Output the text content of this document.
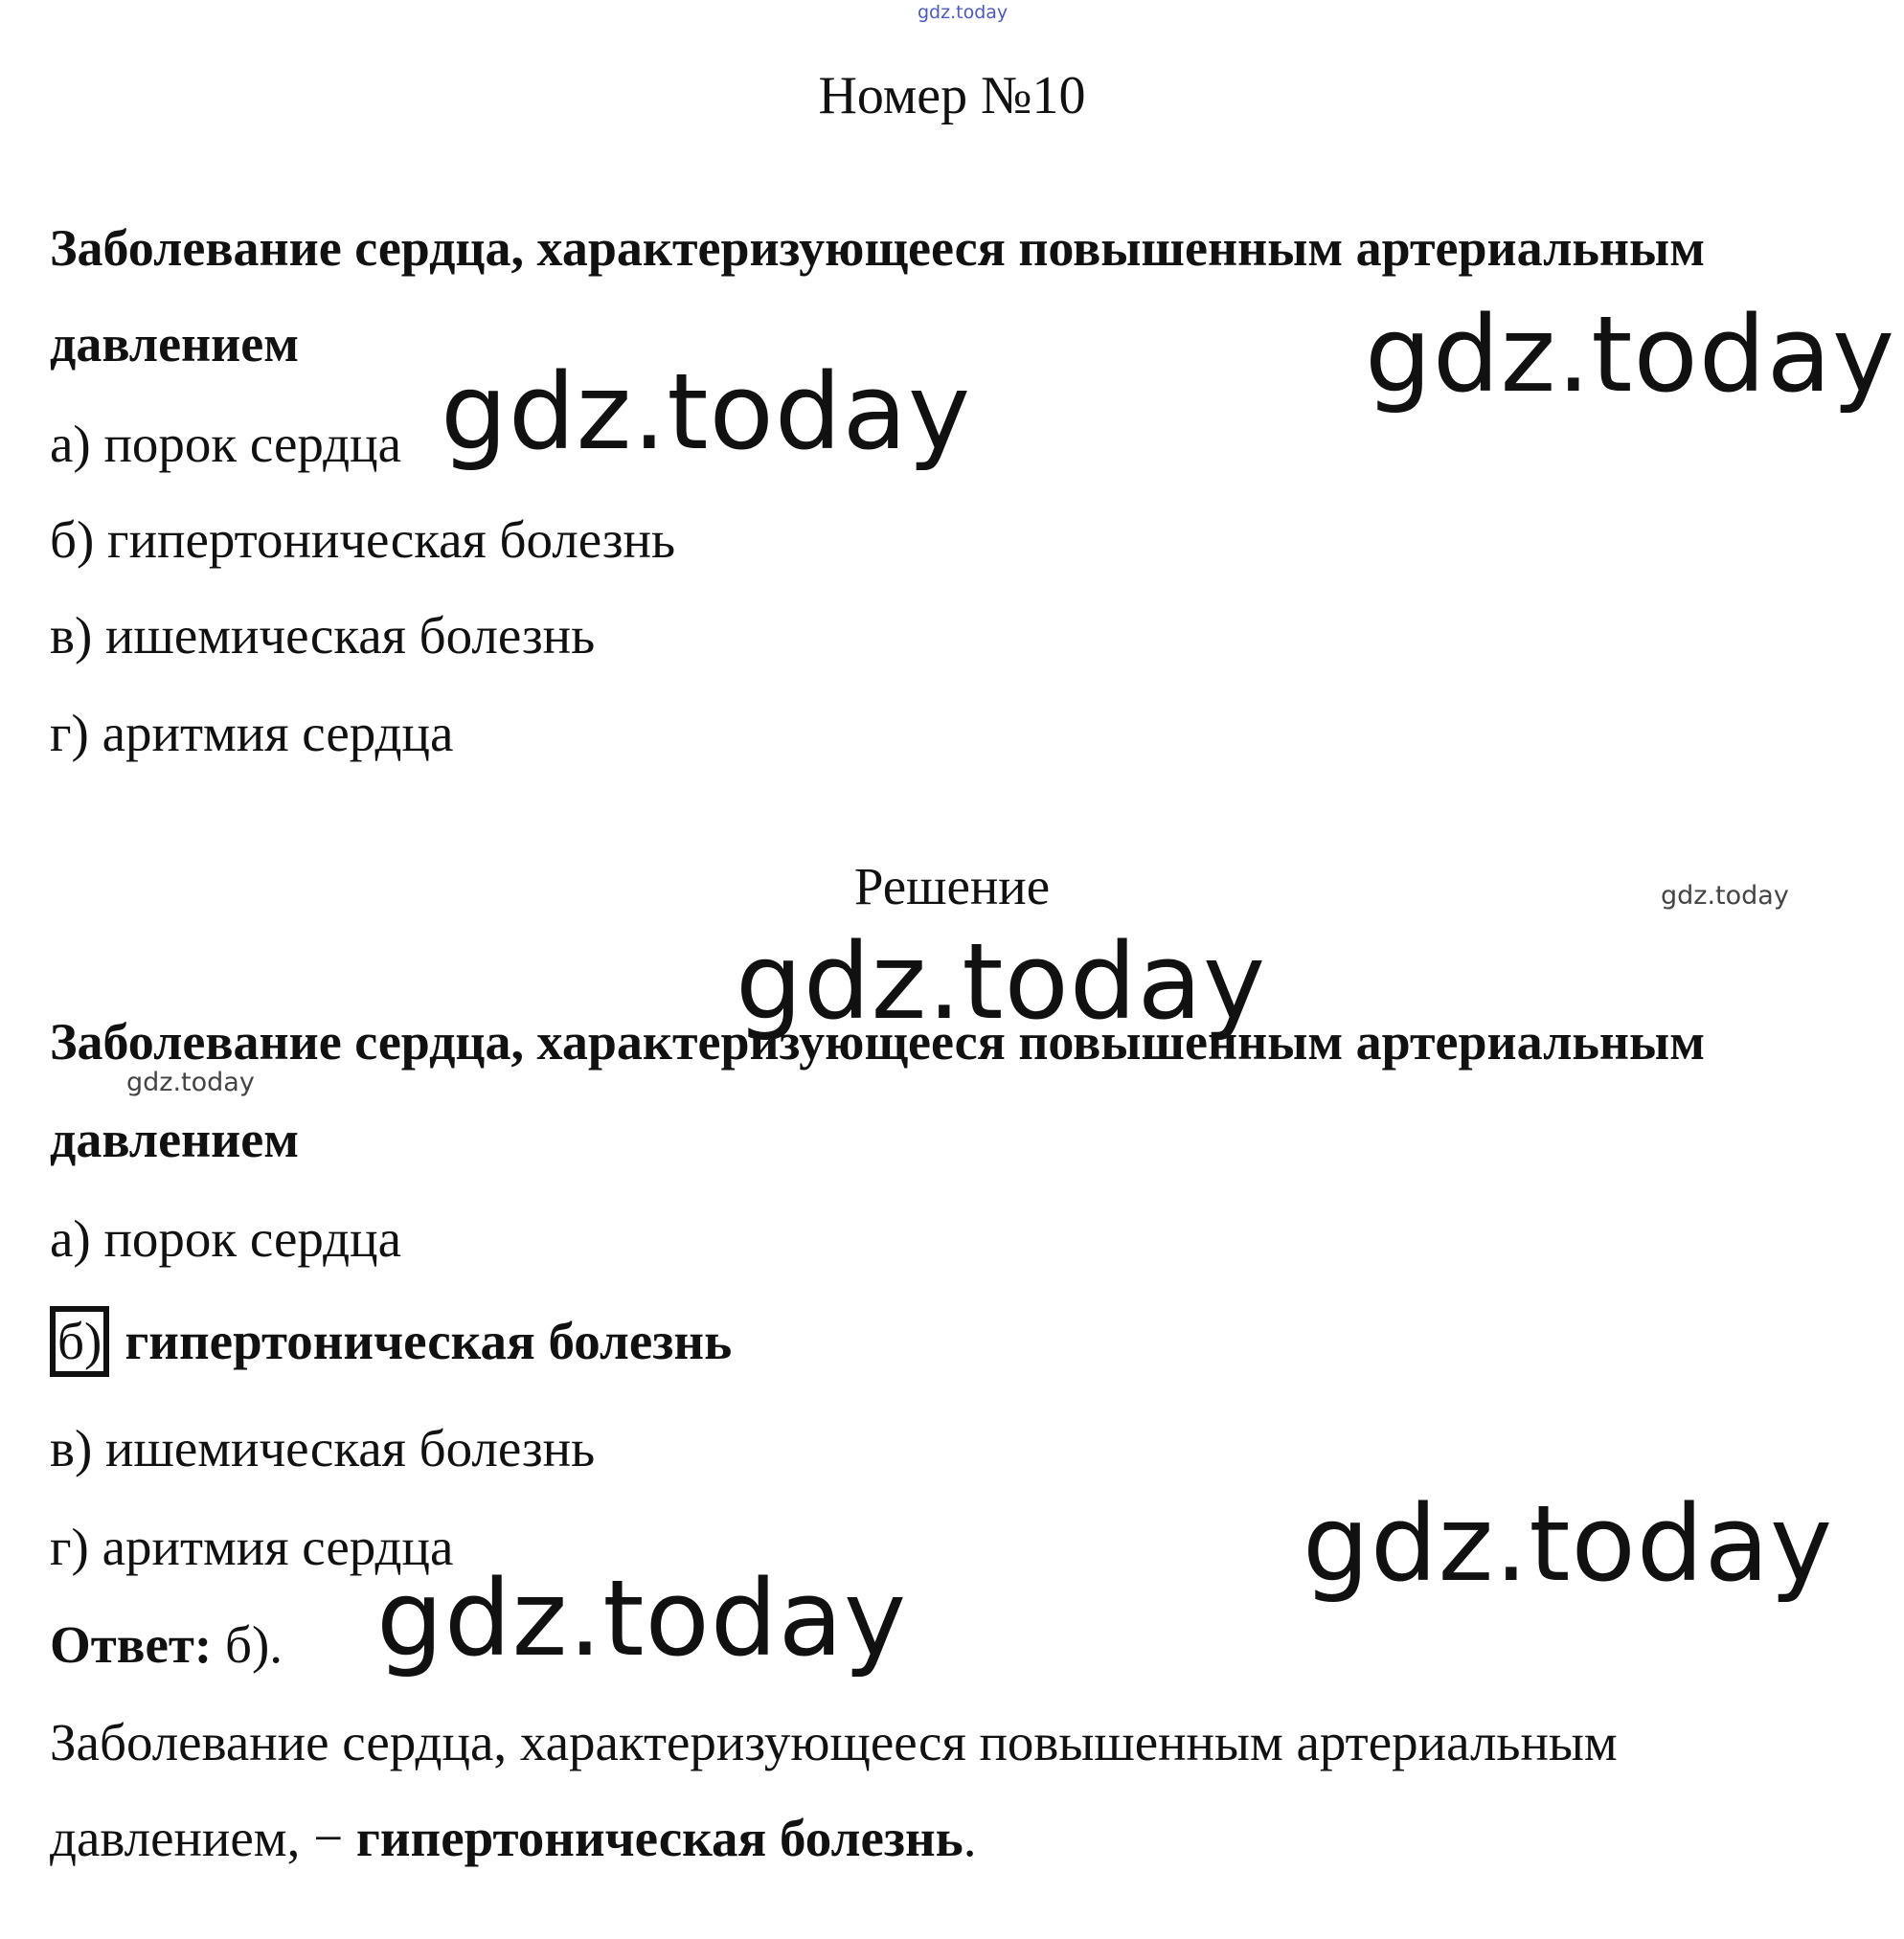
gdz.today
Номер №10
Заболевание сердца, характеризующееся повышенным артериальным
давлением
а) порок сердца
б) гипертоническая болезнь
в) ишемическая болезнь
г) аритмия сердца
gdz.today
gdz.today
Решение	gdz.today
gdz.today
Заболевание сердца, характеризующееся повышенным артериальным
gdz.today
давлением
а) порок сердца
б) гипертоническая болезнь
в) ишемическая болезнь
г) аритмия сердца	gdz.today
gdz.today
Ответ: б).
Заболевание сердца, характеризующееся повышенным артериальным
давлением, − гипертоническая болезнь.
